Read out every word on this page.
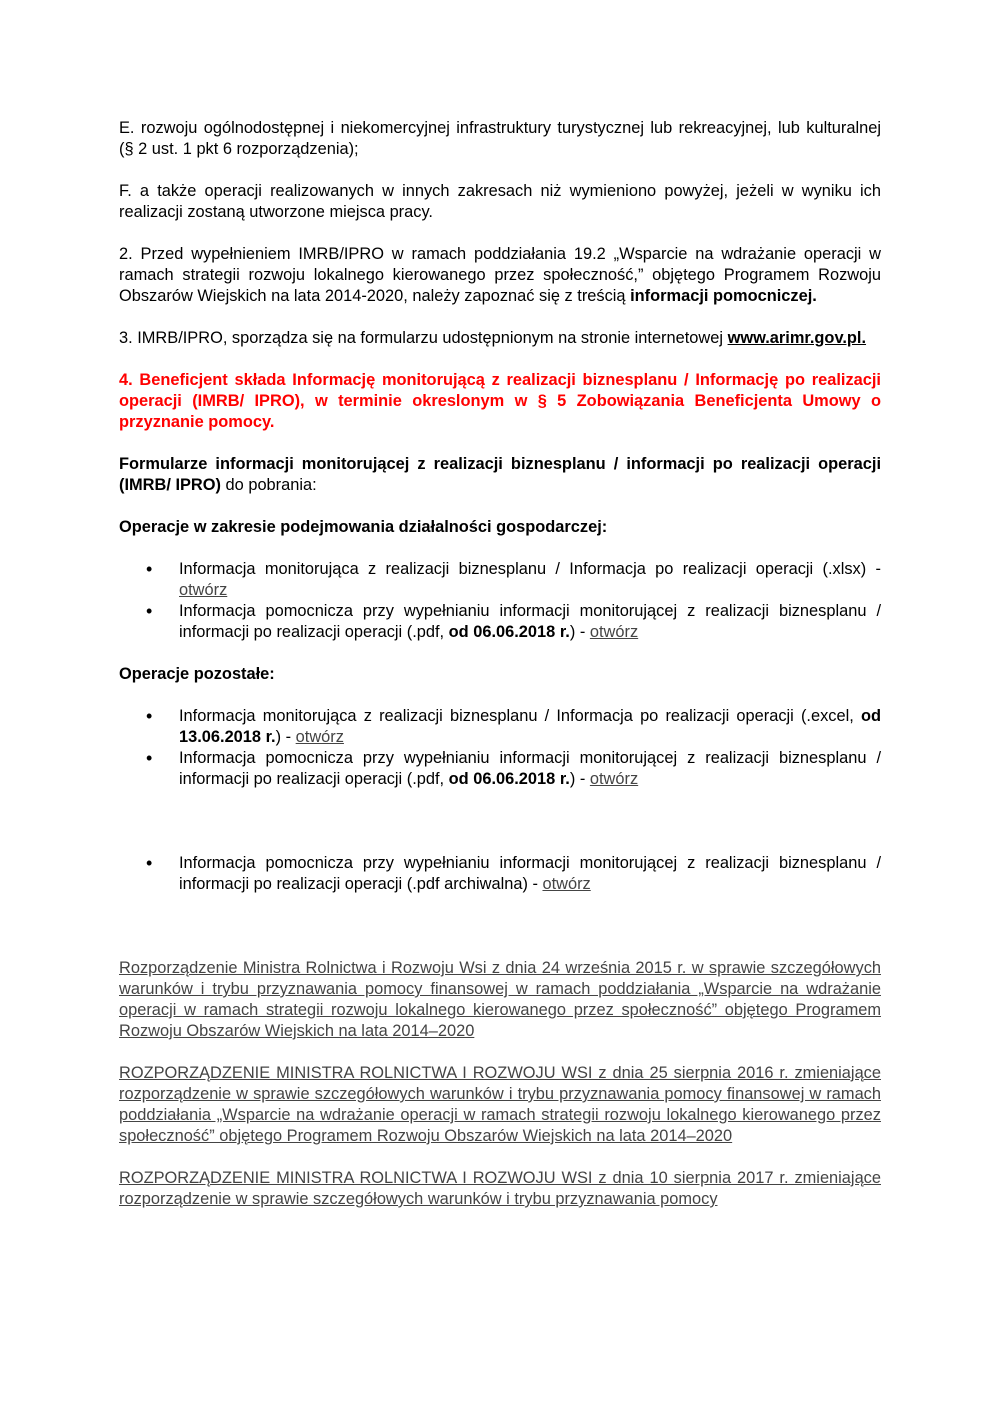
E. rozwoju ogólnodostępnej i niekomercyjnej infrastruktury turystycznej lub rekreacyjnej, lub kulturalnej (§ 2 ust. 1 pkt 6 rozporządzenia);

F. a także operacji realizowanych w innych zakresach niż wymieniono powyżej, jeżeli w wyniku ich realizacji zostaną utworzone miejsca pracy.

2. Przed wypełnieniem IMRB/IPRO w ramach poddziałania 19.2 „Wsparcie na wdrażanie operacji w ramach strategii rozwoju lokalnego kierowanego przez społeczność,” objętego Programem Rozwoju Obszarów Wiejskich na lata 2014-2020, należy zapoznać się z treścią informacji pomocniczej.

3. IMRB/IPRO, sporządza się na formularzu udostępnionym na stronie internetowej www.arimr.gov.pl.

4. Beneficjent składa Informację monitorującą z realizacji biznesplanu / Informację po realizacji operacji (IMRB/ IPRO), w terminie okreslonym w § 5 Zobowiązania Beneficjenta Umowy o przyznanie pomocy.

Formularze informacji monitorującej z realizacji biznesplanu / informacji po realizacji operacji (IMRB/ IPRO) do pobrania:

Operacje w zakresie podejmowania działalności gospodarczej:

• Informacja monitorująca z realizacji biznesplanu / Informacja po realizacji operacji (.xlsx) - otwórz
• Informacja pomocnicza przy wypełnianiu informacji monitorującej z realizacji biznesplanu / informacji po realizacji operacji (.pdf, od 06.06.2018 r.) - otwórz

Operacje pozostałe:

• Informacja monitorująca z realizacji biznesplanu / Informacja po realizacji operacji (.excel, od 13.06.2018 r.) - otwórz
• Informacja pomocnicza przy wypełnianiu informacji monitorującej z realizacji biznesplanu / informacji po realizacji operacji (.pdf, od 06.06.2018 r.) - otwórz
• Informacja pomocnicza przy wypełnianiu informacji monitorującej z realizacji biznesplanu / informacji po realizacji operacji (.pdf archiwalna) - otwórz

Rozporządzenie Ministra Rolnictwa i Rozwoju Wsi z dnia 24 września 2015 r. w sprawie szczegółowych warunków i trybu przyznawania pomocy finansowej w ramach poddziałania „Wsparcie na wdrażanie operacji w ramach strategii rozwoju lokalnego kierowanego przez społeczność” objętego Programem Rozwoju Obszarów Wiejskich na lata 2014–2020

ROZPORZĄDZENIE MINISTRA ROLNICTWA I ROZWOJU WSI z dnia 25 sierpnia 2016 r. zmieniające rozporządzenie w sprawie szczegółowych warunków i trybu przyznawania pomocy finansowej w ramach poddziałania „Wsparcie na wdrażanie operacji w ramach strategii rozwoju lokalnego kierowanego przez społeczność” objętego Programem Rozwoju Obszarów Wiejskich na lata 2014–2020

ROZPORZĄDZENIE MINISTRA ROLNICTWA I ROZWOJU WSI z dnia 10 sierpnia 2017 r. zmieniające rozporządzenie w sprawie szczegółowych warunków i trybu przyznawania pomocy
